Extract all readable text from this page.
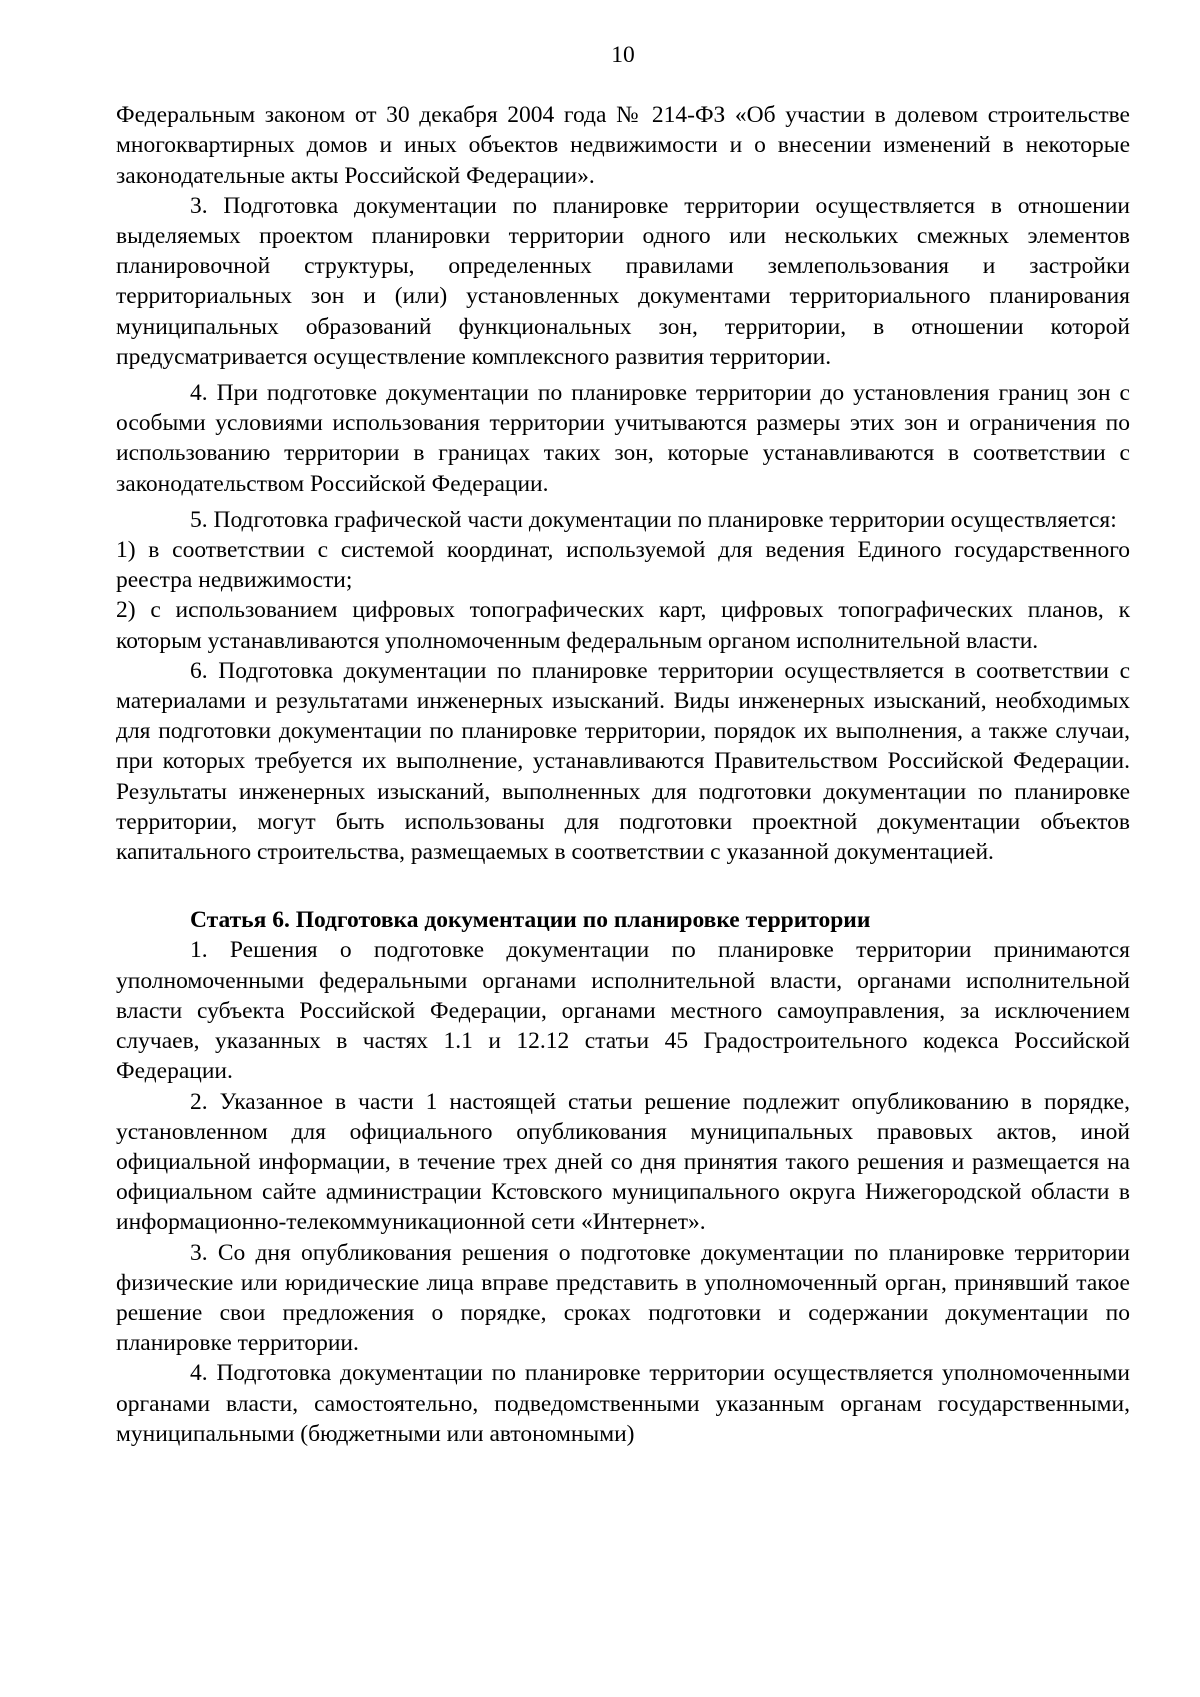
10

Федеральным законом от 30 декабря 2004 года № 214-ФЗ «Об участии в долевом строительстве многоквартирных домов и иных объектов недвижимости и о внесении изменений в некоторые законодательные акты Российской Федерации».

3. Подготовка документации по планировке территории осуществляется в отношении выделяемых проектом планировки территории одного или нескольких смежных элементов планировочной структуры, определенных правилами землепользования и застройки территориальных зон и (или) установленных документами территориального планирования муниципальных образований функциональных зон, территории, в отношении которой предусматривается осуществление комплексного развития территории.

4. При подготовке документации по планировке территории до установления границ зон с особыми условиями использования территории учитываются размеры этих зон и ограничения по использованию территории в границах таких зон, которые устанавливаются в соответствии с законодательством Российской Федерации.

5. Подготовка графической части документации по планировке территории осуществляется:

1) в соответствии с системой координат, используемой для ведения Единого государственного реестра недвижимости;

2) с использованием цифровых топографических карт, цифровых топографических планов, к которым устанавливаются уполномоченным федеральным органом исполнительной власти.

6. Подготовка документации по планировке территории осуществляется в соответствии с материалами и результатами инженерных изысканий. Виды инженерных изысканий, необходимых для подготовки документации по планировке территории, порядок их выполнения, а также случаи, при которых требуется их выполнение, устанавливаются Правительством Российской Федерации. Результаты инженерных изысканий, выполненных для подготовки документации по планировке территории, могут быть использованы для подготовки проектной документации объектов капитального строительства, размещаемых в соответствии с указанной документацией.

Статья 6. Подготовка документации по планировке территории

1. Решения о подготовке документации по планировке территории принимаются уполномоченными федеральными органами исполнительной власти, органами исполнительной власти субъекта Российской Федерации, органами местного самоуправления, за исключением случаев, указанных в частях 1.1 и 12.12 статьи 45 Градостроительного кодекса Российской Федерации.

2. Указанное в части 1 настоящей статьи решение подлежит опубликованию в порядке, установленном для официального опубликования муниципальных правовых актов, иной официальной информации, в течение трех дней со дня принятия такого решения и размещается на официальном сайте администрации Кстовского муниципального округа Нижегородской области в информационно-телекоммуникационной сети «Интернет».

3. Со дня опубликования решения о подготовке документации по планировке территории физические или юридические лица вправе представить в уполномоченный орган, принявший такое решение свои предложения о порядке, сроках подготовки и содержании документации по планировке территории.

4. Подготовка документации по планировке территории осуществляется уполномоченными органами власти, самостоятельно, подведомственными указанным органам государственными, муниципальными (бюджетными или автономными)
